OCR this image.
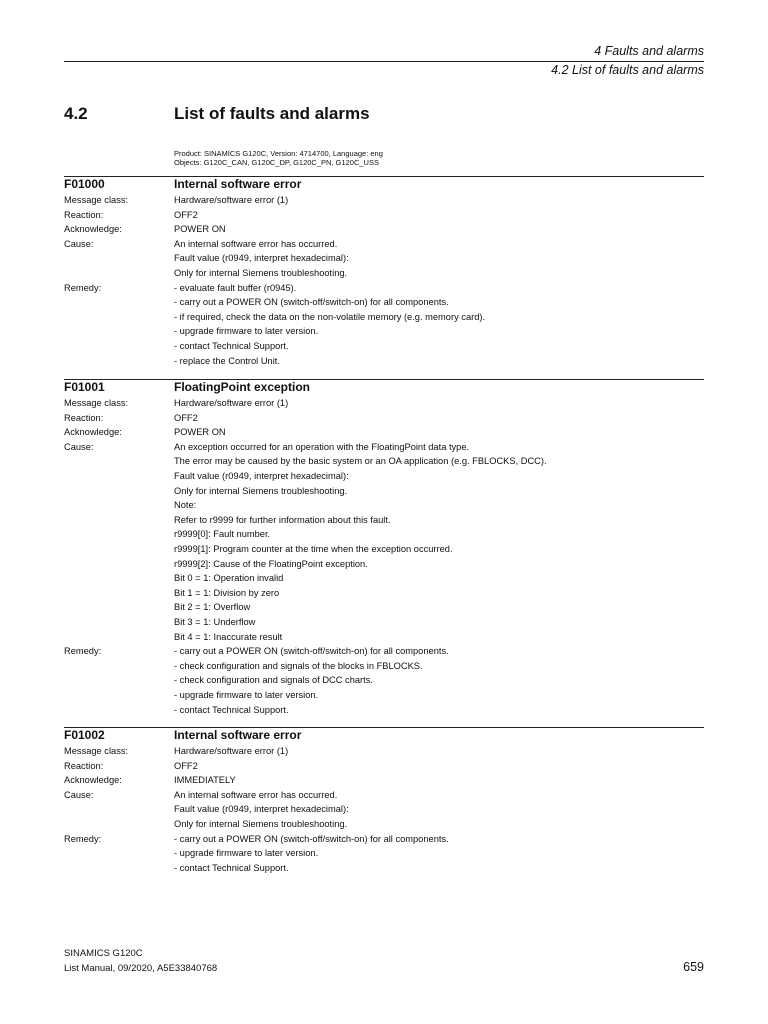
4 Faults and alarms
4.2 List of faults and alarms
4.2	List of faults and alarms
Product: SINAMICS G120C, Version: 4714700, Language: eng
Objects: G120C_CAN, G120C_DP, G120C_PN, G120C_USS
F01000	Internal software error
Message class:	Hardware/software error (1)
Reaction:	OFF2
Acknowledge:	POWER ON
Cause:	An internal software error has occurred.
Fault value (r0949, interpret hexadecimal):
Only for internal Siemens troubleshooting.
Remedy:	- evaluate fault buffer (r0945).
- carry out a POWER ON (switch-off/switch-on) for all components.
- if required, check the data on the non-volatile memory (e.g. memory card).
- upgrade firmware to later version.
- contact Technical Support.
- replace the Control Unit.
F01001	FloatingPoint exception
Message class:	Hardware/software error (1)
Reaction:	OFF2
Acknowledge:	POWER ON
Cause:	An exception occurred for an operation with the FloatingPoint data type.
The error may be caused by the basic system or an OA application (e.g. FBLOCKS, DCC).
Fault value (r0949, interpret hexadecimal):
Only for internal Siemens troubleshooting.
Note:
Refer to r9999 for further information about this fault.
r9999[0]: Fault number.
r9999[1]: Program counter at the time when the exception occurred.
r9999[2]: Cause of the FloatingPoint exception.
Bit 0 = 1: Operation invalid
Bit 1 = 1: Division by zero
Bit 2 = 1: Overflow
Bit 3 = 1: Underflow
Bit 4 = 1: Inaccurate result
Remedy:	- carry out a POWER ON (switch-off/switch-on) for all components.
- check configuration and signals of the blocks in FBLOCKS.
- check configuration and signals of DCC charts.
- upgrade firmware to later version.
- contact Technical Support.
F01002	Internal software error
Message class:	Hardware/software error (1)
Reaction:	OFF2
Acknowledge:	IMMEDIATELY
Cause:	An internal software error has occurred.
Fault value (r0949, interpret hexadecimal):
Only for internal Siemens troubleshooting.
Remedy:	- carry out a POWER ON (switch-off/switch-on) for all components.
- upgrade firmware to later version.
- contact Technical Support.
SINAMICS G120C
List Manual, 09/2020, A5E33840768	659
